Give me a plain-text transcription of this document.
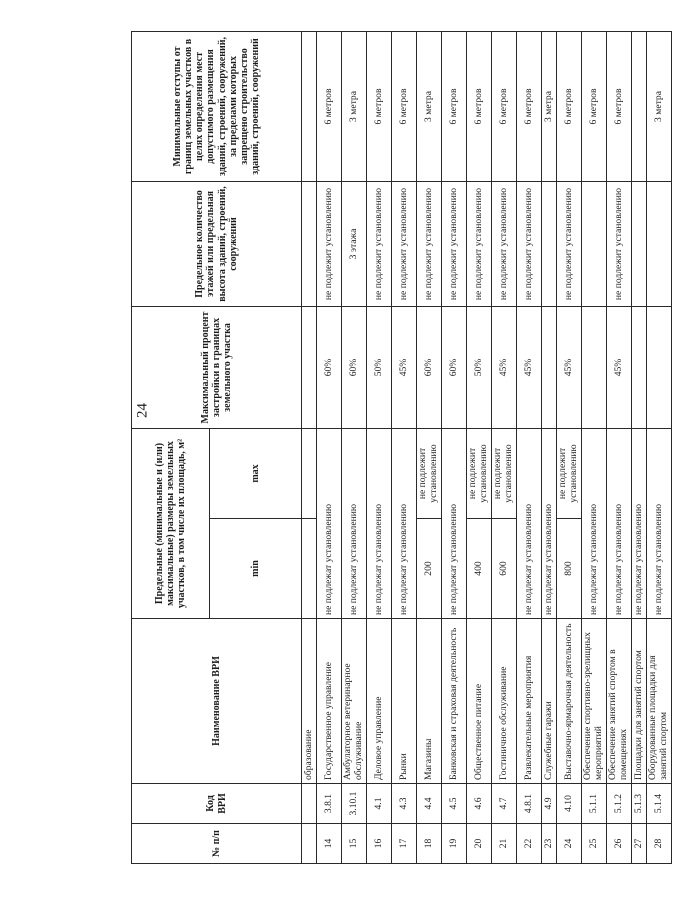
24
№ п/п	Код ВРИ	Наименование ВРИ	Предельные (минимальные и (или) максимальные) размеры земельных участков, в том числе их площадь, м²		Максимальный процент застройки в границах земельного участка	Предельное количество этажей или предельная высота зданий, строений, сооружений	Минимальные отступы от границ земельных участков в целях определения мест допустимого размещения зданий, строений, сооружений, за пределами которых запрещено строительство зданий, строений, сооружений
			min	max			
		образование					
14	3.8.1	Государственное управление	не подлежат установлению		60%	не подлежит установлению	6 метров
15	3.10.1	Амбулаторное ветеринарное обслуживание	не подлежат установлению		60%	3 этажа	3 метра
16	4.1	Деловое управление	не подлежат установлению		50%	не подлежит установлению	6 метров
17	4.3	Рынки	не подлежат установлению		45%	не подлежит установлению	6 метров
18	4.4	Магазины	200	не подлежит установлению	60%	не подлежит установлению	3 метра
19	4.5	Банковская и страховая деятельность	не подлежат установлению		60%	не подлежит установлению	6 метров
20	4.6	Общественное питание	400	не подлежит установлению	50%	не подлежит установлению	6 метров
21	4.7	Гостиничное обслуживание	600	не подлежит установлению	45%	не подлежит установлению	6 метров
22	4.8.1	Развлекательные мероприятия	не подлежат установлению		45%	не подлежит установлению	6 метров
23	4.9	Служебные гаражи	не подлежат установлению				3 метра
24	4.10	Выставочно-ярмарочная деятельность	800	не подлежит установлению	45%	не подлежит установлению	6 метров
25	5.1.1	Обеспечение спортивно-зрелищных мероприятий	не подлежат установлению				6 метров
26	5.1.2	Обеспечение занятий спортом в помещениях	не подлежат установлению		45%	не подлежит установлению	6 метров
27	5.1.3	Площадки для занятий спортом	не подлежат установлению				
28	5.1.4	Оборудованные площадки для занятий спортом	не подлежат установлению				3 метра
